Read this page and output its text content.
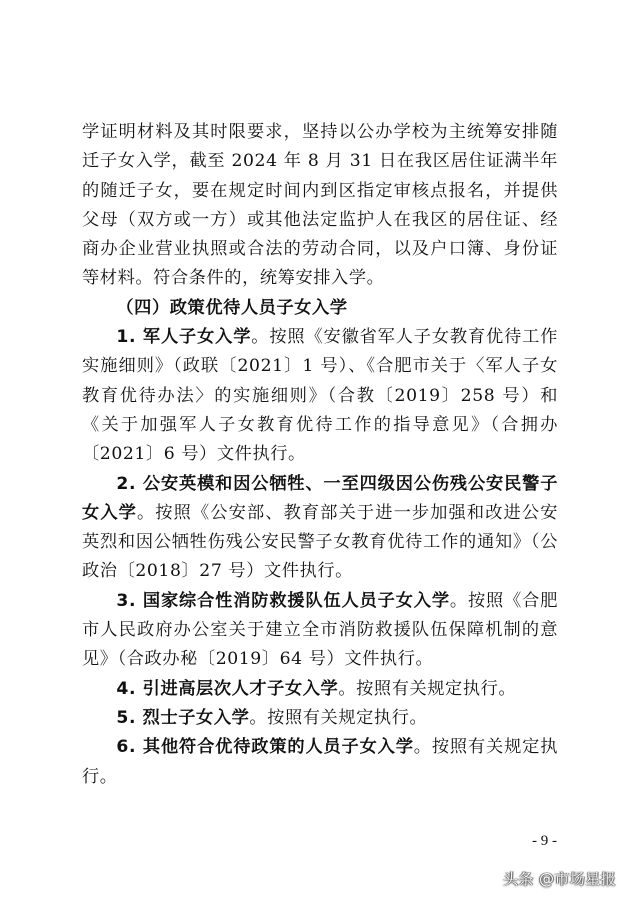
学证明材料及其时限要求，坚持以公办学校为主统筹安排随迁子女入学，截至 2024 年 8 月 31 日在我区居住证满半年的随迁子女，要在规定时间内到区指定审核点报名，并提供父母（双方或一方）或其他法定监护人在我区的居住证、经商办企业营业执照或合法的劳动合同，以及户口簿、身份证等材料。符合条件的，统筹安排入学。

（四）政策优待人员子女入学

1. 军人子女入学。按照《安徽省军人子女教育优待工作实施细则》（政联〔2021〕1 号）、《合肥市关于〈军人子女教育优待办法〉的实施细则》（合教〔2019〕258 号）和《关于加强军人子女教育优待工作的指导意见》（合拥办〔2021〕6 号）文件执行。

2. 公安英模和因公牺牲、一至四级因公伤残公安民警子女入学。按照《公安部、教育部关于进一步加强和改进公安英烈和因公牺牲伤残公安民警子女教育优待工作的通知》（公政治〔2018〕27 号）文件执行。

3. 国家综合性消防救援队伍人员子女入学。按照《合肥市人民政府办公室关于建立全市消防救援队伍保障机制的意见》（合政办秘〔2019〕64 号）文件执行。

4. 引进高层次人才子女入学。按照有关规定执行。

5. 烈士子女入学。按照有关规定执行。

6. 其他符合优待政策的人员子女入学。按照有关规定执行。

- 9 -
头条 @市场星报
